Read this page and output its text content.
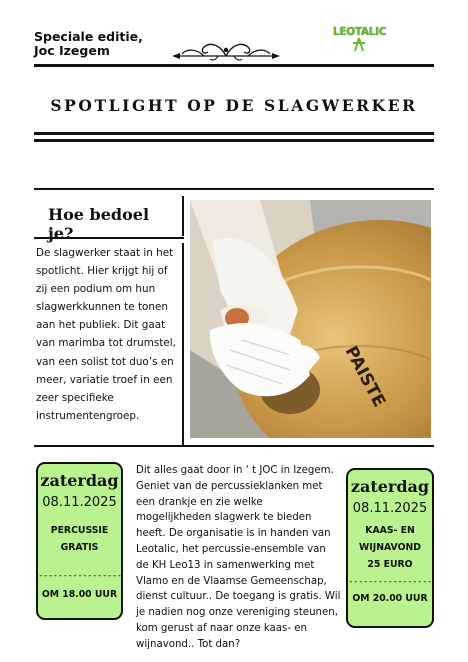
Speciale editie,
Joc Izegem
LEOTALIC
SPOTLIGHT OP DE SLAGWERKER
Hoe bedoel je?

De slagwerker staat in het spotlicht. Hier krijgt hij of zij een podium om hun slagwerkkunnen te tonen aan het publiek. Dit gaat van marimba tot drumstel, van een solist tot duo’s en meer, variatie troef in een zeer specifieke instrumentengroep.

PAISTE
zaterdag
08.11.2025
PERCUSSIE
GRATIS
-----------------
OM 18.00 UUR
zaterdag
08.11.2025
KAAS- EN
WIJNAVOND
25 EURO
-----------------
OM 20.00 UUR

Dit alles gaat door in ‘ t JOC in Izegem. Geniet van de percussieklanken met een drankje en zie welke mogelijkheden slagwerk te bieden heeft. De organisatie is in handen van Leotalic, het percussie-ensemble van de KH Leo13 in samenwerking met Vlamo en de Vlaamse Gemeenschap, dienst cultuur.. De toegang is gratis. Wil je nadien nog onze vereniging steunen, kom gerust af naar onze kaas- en wijnavond.. Tot dan?
